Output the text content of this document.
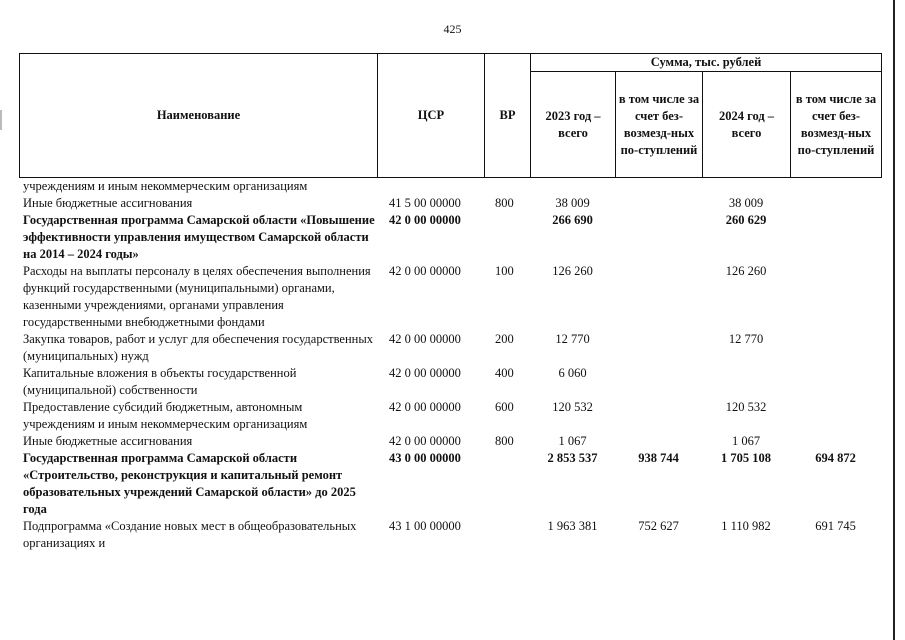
425
Наименование	ЦСР	ВР	Сумма, тыс. рублей			
			2023 год – всего	в том числе за счет без-возмезд-ных по-ступлений	2024 год – всего	в том числе за счет без-возмезд-ных по-ступлений
учреждениям и иным некоммерческим организациям						
Иные бюджетные ассигнования	41 5 00 00000	800	38 009		38 009	
Государственная программа Самарской области «Повышение эффективности управления имуществом Самарской области на 2014 – 2024 годы»	42 0 00 00000		266 690		260 629	
Расходы на выплаты персоналу в целях обеспечения выполнения функций государственными (муниципальными) органами, казенными учреждениями, органами управления государственными внебюджетными фондами	42 0 00 00000	100	126 260		126 260	
Закупка товаров, работ и услуг для обеспечения государственных (муниципальных) нужд	42 0 00 00000	200	12 770		12 770	
Капитальные вложения в объекты государственной (муниципальной) собственности	42 0 00 00000	400	6 060			
Предоставление субсидий бюджетным, автономным учреждениям и иным некоммерческим организациям	42 0 00 00000	600	120 532		120 532	
Иные бюджетные ассигнования	42 0 00 00000	800	1 067		1 067	
Государственная программа Самарской области «Строительство, реконструкция и капитальный ремонт образовательных учреждений Самарской области» до 2025 года	43 0 00 00000		2 853 537	938 744	1 705 108	694 872
Подпрограмма «Создание новых мест в общеобразовательных организациях и	43 1 00 00000		1 963 381	752 627	1 110 982	691 745
